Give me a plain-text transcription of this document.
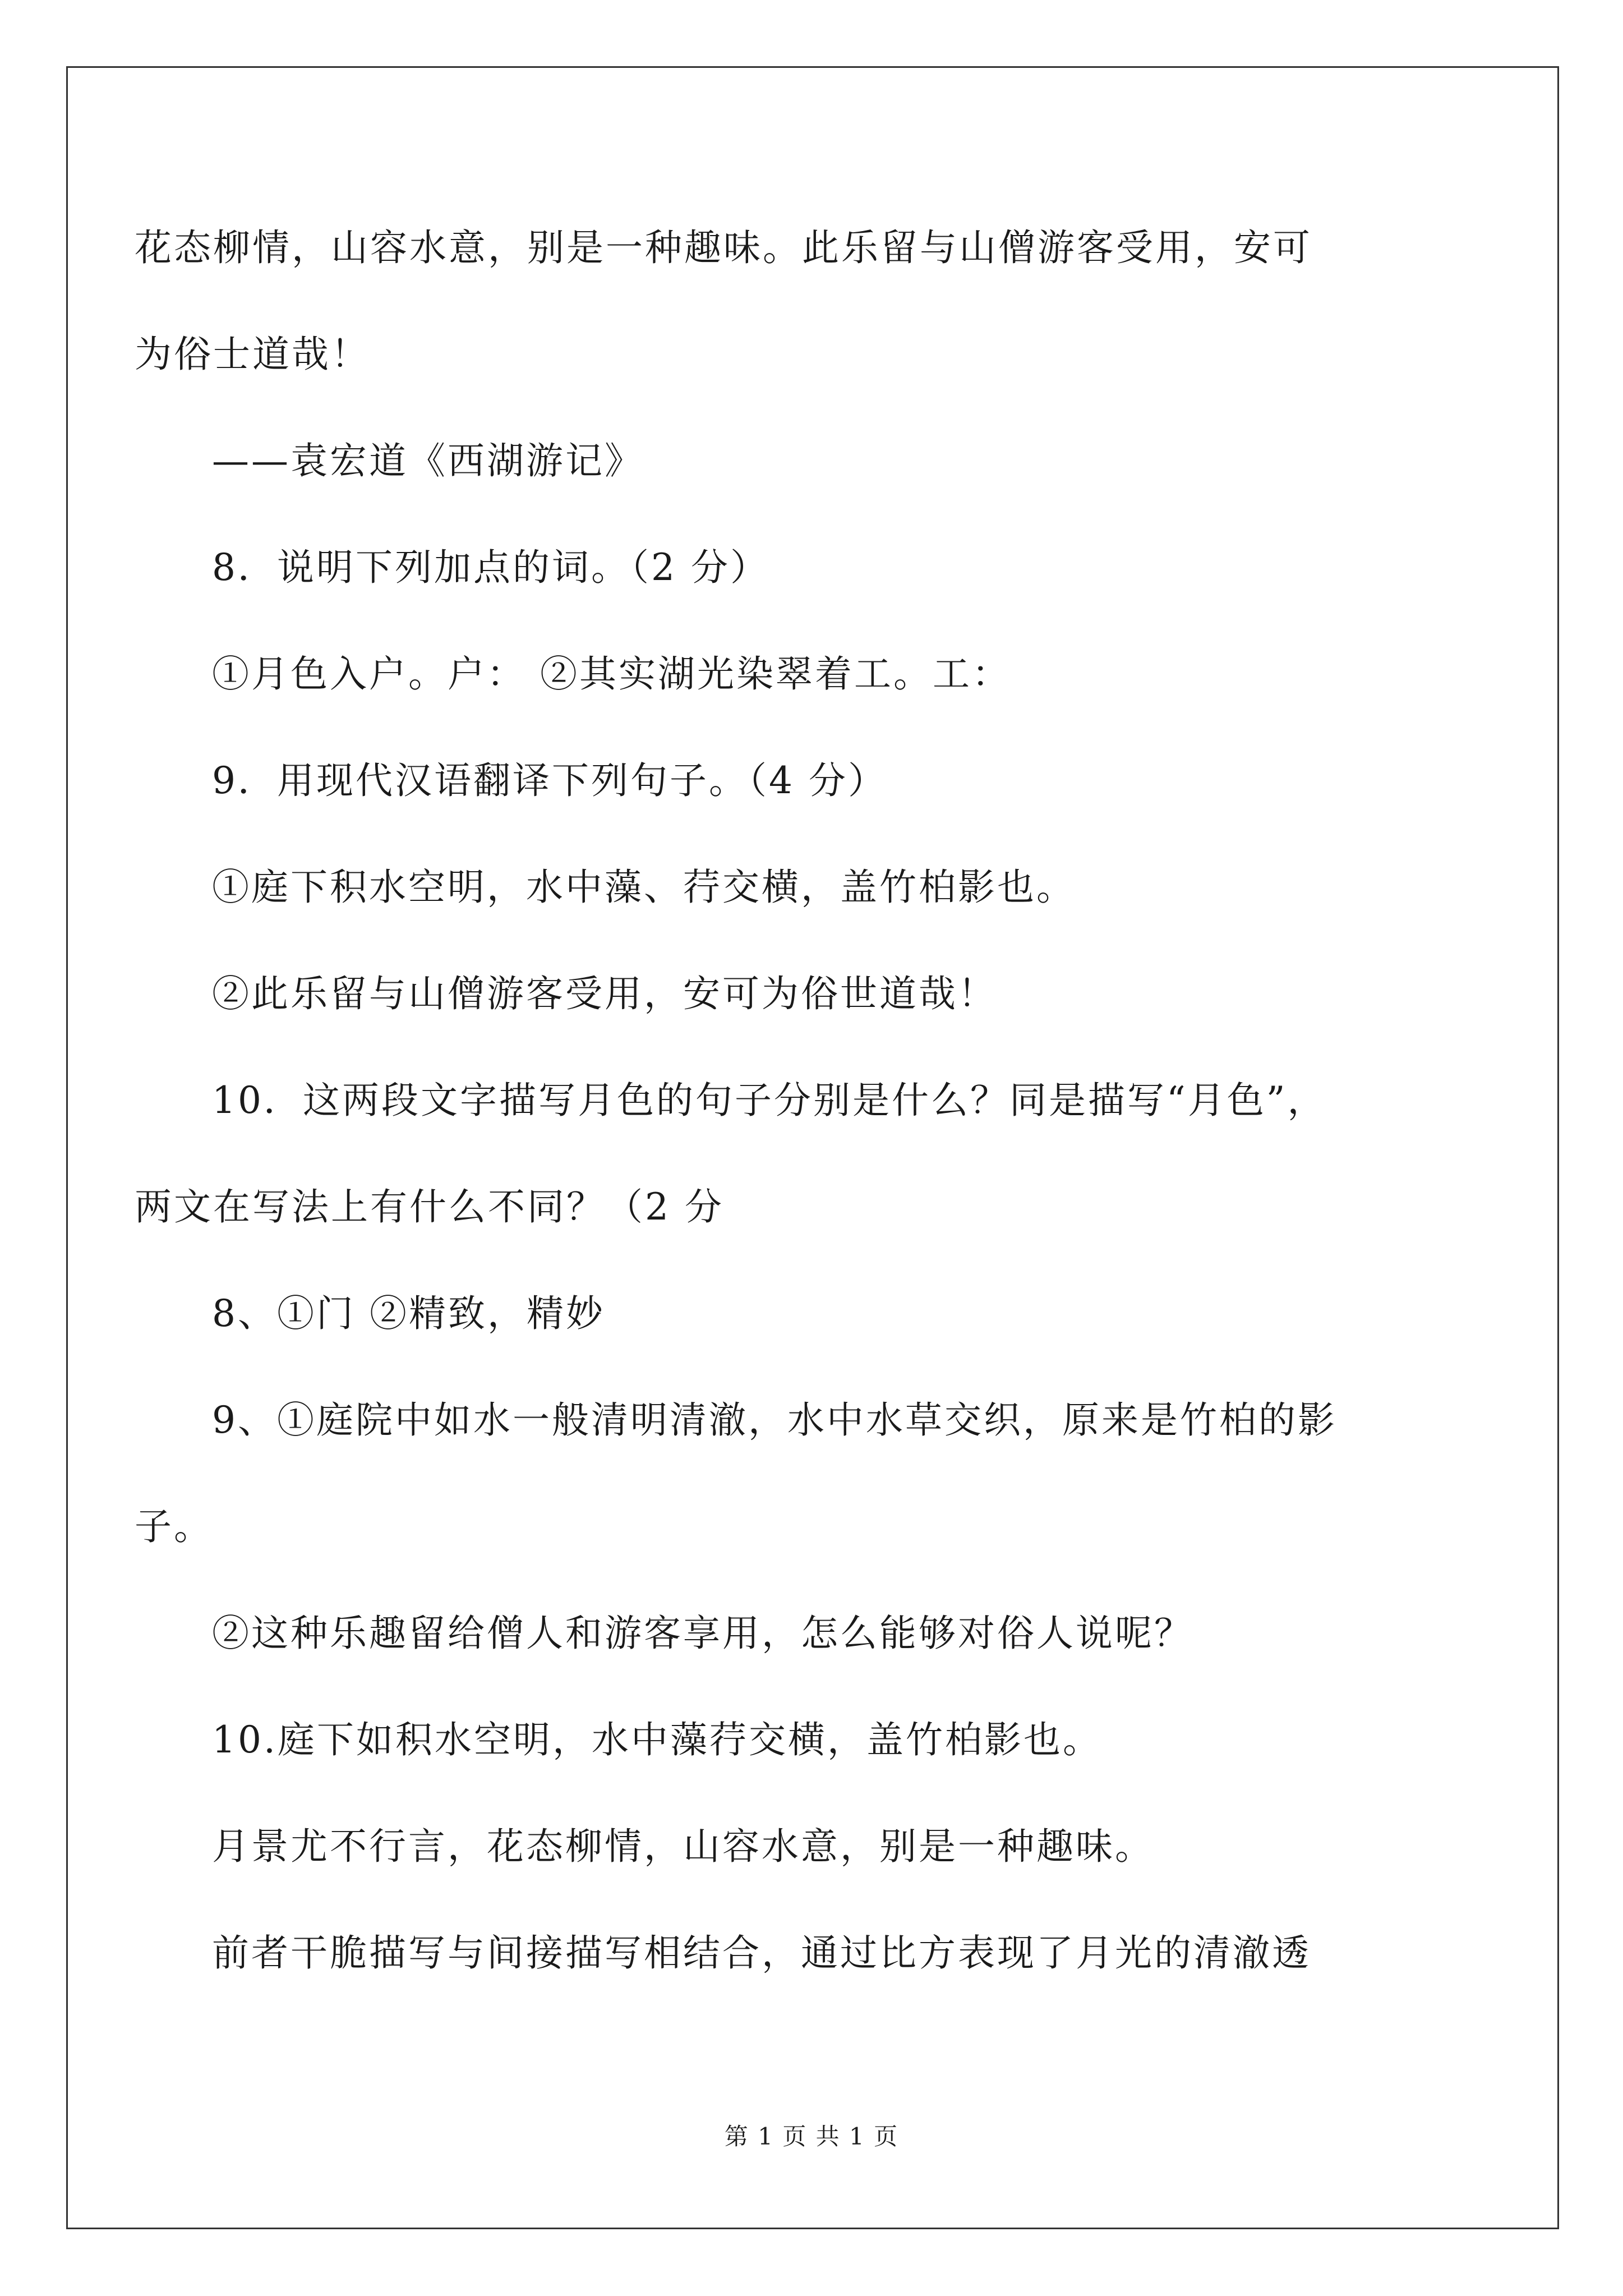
花态柳情，山容水意，别是一种趣味。此乐留与山僧游客受用，安可
为俗士道哉！
——袁宏道《西湖游记》
8．说明下列加点的词。（2 分）
①月色入户。户： ②其实湖光染翠着工。工：
9．用现代汉语翻译下列句子。（4 分）
①庭下积水空明，水中藻、荇交横，盖竹柏影也。
②此乐留与山僧游客受用，安可为俗世道哉！
10．这两段文字描写月色的句子分别是什么？同是描写“月色”，
两文在写法上有什么不同？（2 分
8、①门 ②精致，精妙
9、①庭院中如水一般清明清澈，水中水草交织，原来是竹柏的影
子。
②这种乐趣留给僧人和游客享用，怎么能够对俗人说呢？
10.庭下如积水空明，水中藻荇交横，盖竹柏影也。
月景尤不行言，花态柳情，山容水意，别是一种趣味。
前者干脆描写与间接描写相结合，通过比方表现了月光的清澈透
第 1 页 共 1 页
